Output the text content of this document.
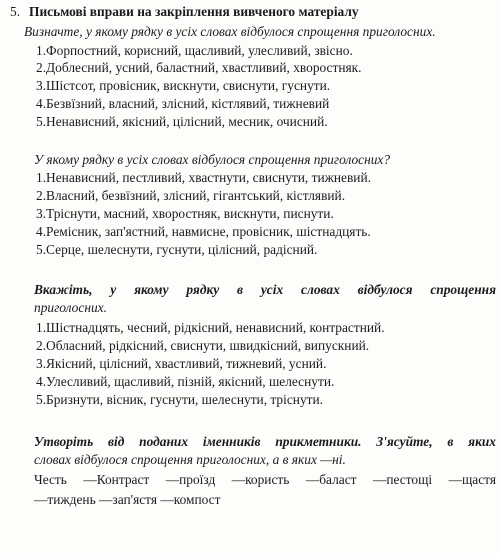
5. Письмові вправи на закріплення вивченого матеріалу
Визначте, у якому рядку в усіх словах відбулося спрощення приголосних.
1.Форпостний, корисний, щасливий, улесливий, звісно.
2.Доблесний, усний, баластний, хвастливий, хворостняк.
3.Шістсот, провісник, вискнути, свиснути, гуснути.
4.Безвїзний, власний, злісний, кістлявий, тижневий
5.Ненависний, якісний, цілісний, месник, очисний.
У якому рядку в усіх словах відбулося спрощення приголосних?
1.Ненависний, пестливий, хвастнути, свиснути, тижневий.
2.Власний, безвїзний, злісний, гігантський, кістлявий.
3.Тріснути, масний, хворостняк, вискнути, писнути.
4.Ремісник, зап'ястний, навмисне, провісник, шістнадцять.
5.Серце, шелеснути, гуснути, цілісний, радісний.
Вкажіть, у якому рядку в усіх словах відбулося спрощення
приголосних.
1.Шістнадцять, чесний, рідкісний, ненависний, контрастний.
2.Обласний, рідкісний, свиснути, швидкісний, випускний.
3.Якісний, цілісний, хвастливий, тижневий, усний.
4.Улесливий, щасливий, пізній, якісний, шелеснути.
5.Бризнути, вісник, гуснути, шелеснути, тріснути.
Утворіть від поданих іменників прикметники. З'ясуйте, в яких
словах відбулося спрощення приголосних, а в яких —ні.
Честь —Контраст —проїзд —користь —баласт —пестощі —щастя
—тиждень —зап'ястя —компост
